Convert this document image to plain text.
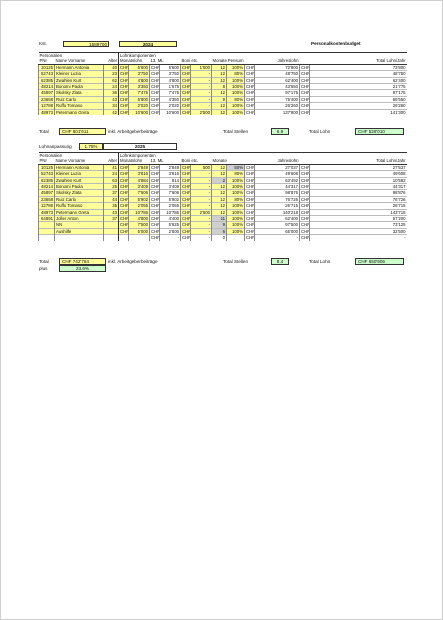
Kst.	1589700	2024	Personalkostenbudget
Personalien			Lohnkomponenten											
PNr	Name Vorname	Alter	Monatslohn		13. ML		Boni etc.		Monate	Pensum	Jahreslohn		Total Lohn/Jahr	
10125	Hermann Antonia	40	CHF	5'600	CHF	5'600	CHF	1'000	12	100%	CHF	72'800	CHF	73'800
52743	Kleiner Luzia	23	CHF	3'750	CHF	3'750	CHF	-	12	80%	CHF	48'750	CHF	48'750
62385	Zwahlen Kurt	62	CHF	4'800	CHF	4'800	CHF	-	12	100%	CHF	62'400	CHF	62'400
48214	Bonomi Paola	24	CHF	3'350	CHF	1'675	CHF	-	8	100%	CHF	43'550	CHF	21'775
45897	Skolsky Zlata	36	CHF	7'475	CHF	7'475	CHF	-	12	100%	CHF	97'175	CHF	97'175
23658	Ruiz Carlo	43	CHF	5'800	CHF	4'350	CHF	-	9	80%	CHF	75'400	CHF	56'550
12788	Ruffo Tomaso	34	CHF	2'020	CHF	2'020	CHF	-	12	100%	CHF	26'260	CHF	26'260
48973	Petermann Greta	42	CHF	10'600	CHF	10'600	CHF	2'500	12	100%	CHF	137'800	CHF	141'300
Total	CHF 601'611	inkl. Arbeitgeberbeiträge	Total Stellen	6.9	Total Lohn	CHF 528'010
Lohnanpassung	1.75%	2025
Personalien			Lohnkomponenten											
PNr	Name Vorname	Alter	Monatslohn		13. ML		Boni etc.		Monate		Jahreslohn		Total Lohn/Jahr	
10125	Hermann Antonia	41	CHF	2'849	CHF	2'849	CHF	500	12	50%	CHF	27'037	CHF	27'537
52743	Kleiner Luzia	24	CHF	3'816	CHF	3'816	CHF	-	12	80%	CHF	49'608	CHF	49'608
62385	Zwahlen Kurt	63	CHF	4'884	CHF	814	CHF	-	2	100%	CHF	63'492	CHF	10'582
48214	Bonomi Paola	25	CHF	3'409	CHF	3'409	CHF	-	12	100%	CHF	44'317	CHF	44'317
45897	Skolsky Zlata	37	CHF	7'606	CHF	7'606	CHF	-	12	100%	CHF	98'876	CHF	98'876
23658	Ruiz Carlo	44	CHF	5'902	CHF	5'902	CHF	-	12	80%	CHF	76'726	CHF	76'726
12788	Ruffo Tomaso	35	CHF	2'055	CHF	2'055	CHF	-	12	100%	CHF	26'715	CHF	26'715
48973	Petermann Greta	43	CHF	10'786	CHF	10'786	CHF	2'500	12	100%	CHF	140'218	CHF	143'718
64891	Joller Anton	37	CHF	4'800	CHF	4'400	CHF	-	11	100%	CHF	62'400	CHF	57'200
	NN		CHF	7'500	CHF	5'625	CHF	-	9	100%	CHF	97'500	CHF	73'125
	Aushilfe		CHF	5'000	CHF	2'500	CHF	-	6	100%	CHF	65'000	CHF	32'500
					CHF	-	CHF	-	0		CHF	-	CHF	-
Total	CHF 742'784	inkl. Arbeitgeberbeiträge
plus	23.6%
Total Stellen	8.4	Total Lohn	CHF 650'906
